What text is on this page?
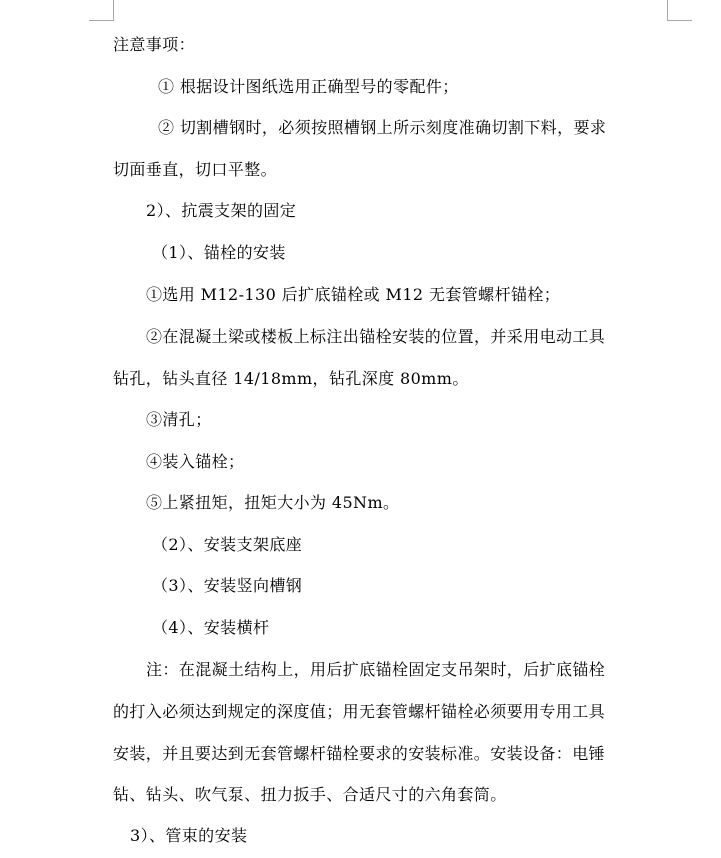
注意事项：
① 根据设计图纸选用正确型号的零配件；
② 切割槽钢时，必须按照槽钢上所示刻度准确切割下料，要求
切面垂直，切口平整。
2）、抗震支架的固定
（1）、锚栓的安装
①选用 M12-130 后扩底锚栓或 M12 无套管螺杆锚栓；
②在混凝土梁或楼板上标注出锚栓安装的位置，并采用电动工具
钻孔，钻头直径 14/18mm，钻孔深度 80mm。
③清孔；
④装入锚栓；
⑤上紧扭矩，扭矩大小为 45Nm。
（2）、安装支架底座
（3）、安装竖向槽钢
（4）、安装横杆
注：在混凝土结构上，用后扩底锚栓固定支吊架时，后扩底锚栓
的打入必须达到规定的深度值；用无套管螺杆锚栓必须要用专用工具
安装，并且要达到无套管螺杆锚栓要求的安装标准。安装设备：电锤
钻、钻头、吹气泵、扭力扳手、合适尺寸的六角套筒。
3）、管束的安装
